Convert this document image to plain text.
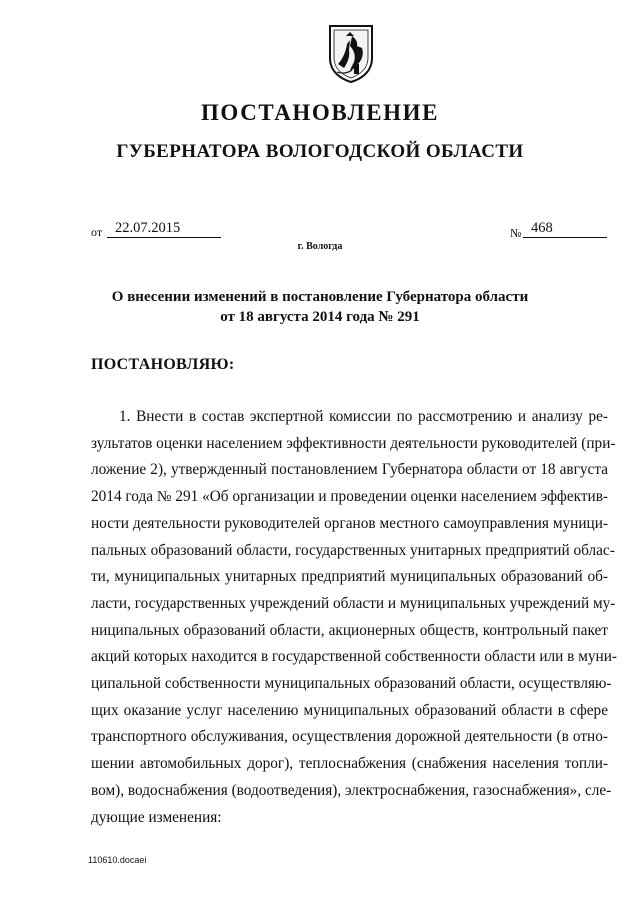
ПОСТАНОВЛЕНИЕ
ГУБЕРНАТОРА ВОЛОГОДСКОЙ ОБЛАСТИ
от 22.07.2015	№ 468
г. Вологда
О внесении изменений в постановление Губернатора области
от 18 августа 2014 года № 291
ПОСТАНОВЛЯЮ:
1. Внести в состав экспертной комиссии по рассмотрению и анализу ре-
зультатов оценки населением эффективности деятельности руководителей (при-
ложение 2), утвержденный постановлением Губернатора области от 18 августа
2014 года № 291 «Об организации и проведении оценки населением эффектив-
ности деятельности руководителей органов местного самоуправления муници-
пальных образований области, государственных унитарных предприятий облас-
ти, муниципальных унитарных предприятий муниципальных образований об-
ласти, государственных учреждений области и муниципальных учреждений му-
ниципальных образований области, акционерных обществ, контрольный пакет
акций которых находится в государственной собственности области или в муни-
ципальной собственности муниципальных образований области, осуществляю-
щих оказание услуг населению муниципальных образований области в сфере
транспортного обслуживания, осуществления дорожной деятельности (в отно-
шении автомобильных дорог), теплоснабжения (снабжения населения топли-
вом), водоснабжения (водоотведения), электроснабжения, газоснабжения», сле-
дующие изменения:
110610.docaei
